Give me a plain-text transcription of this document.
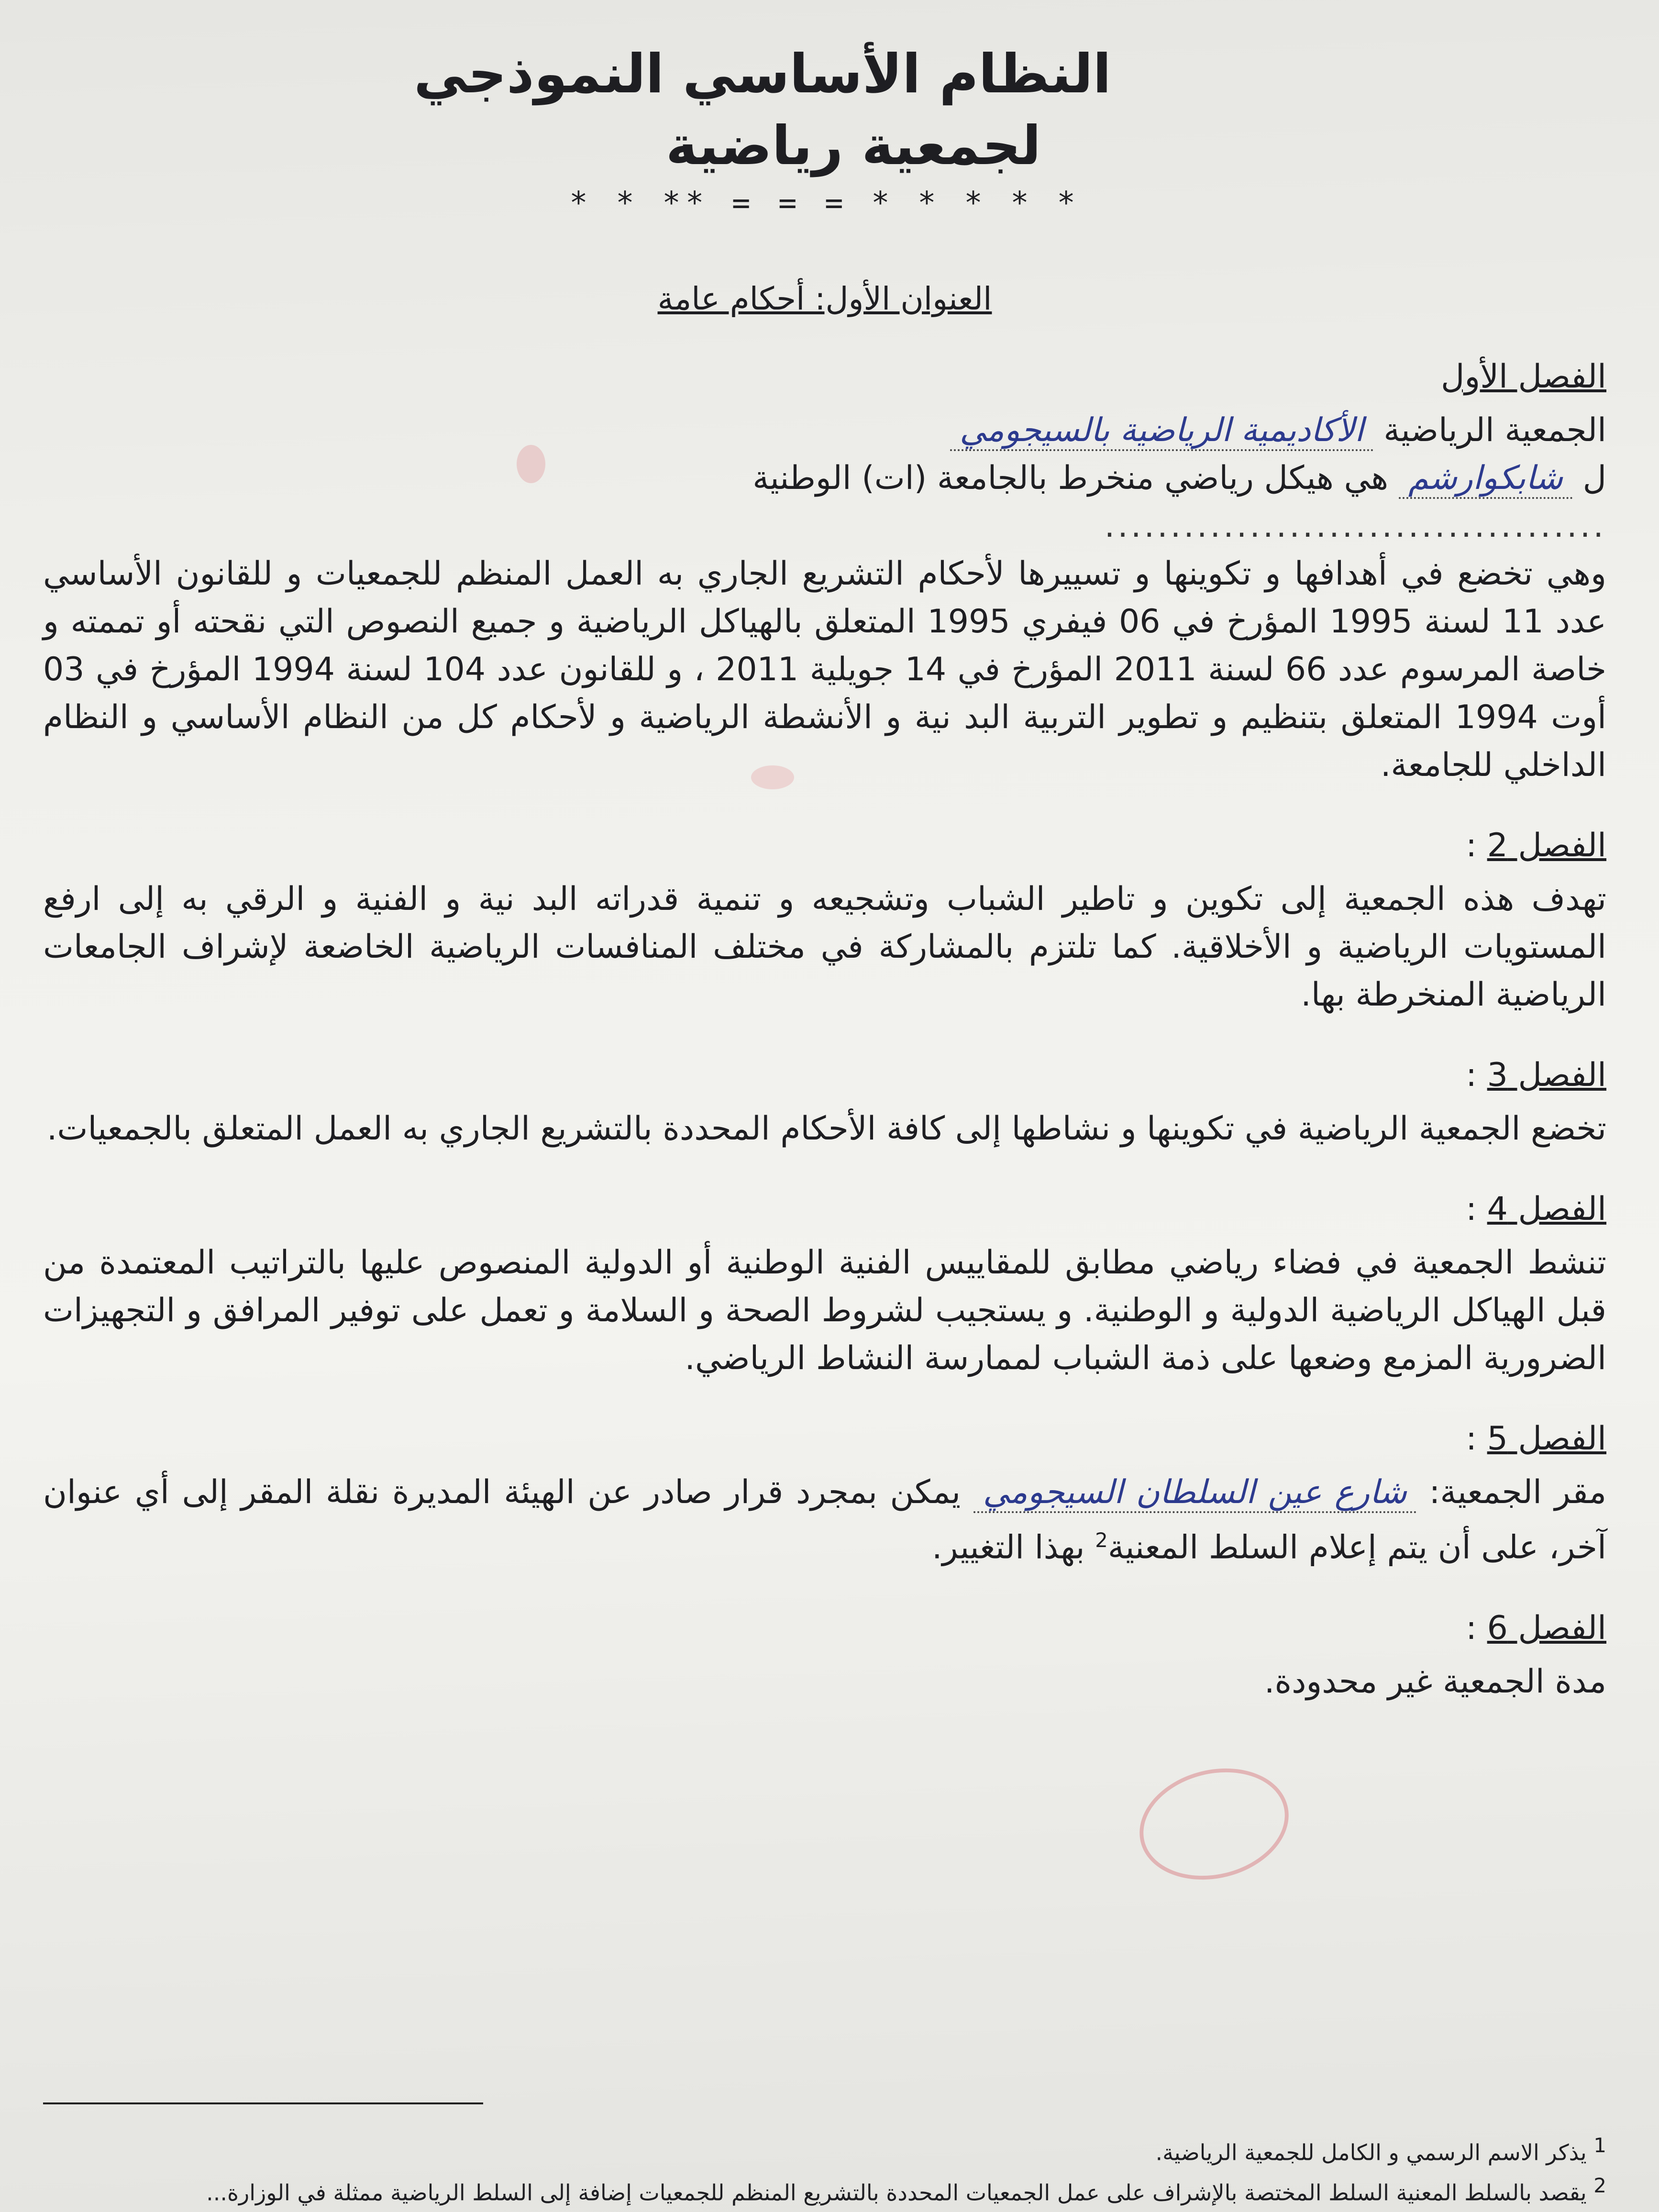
النظام الأساسي النموذجي
لجمعية رياضية
* * * * * = = = ** * *
العنوان الأول: أحكام عامة
الفصل الأول
الجمعية الرياضية الأكاديمية الرياضية بالسيجومي
ل شابكوارشم هي هيكل رياضي منخرط بالجامعة (ات) الوطنية
......................................
وهي تخضع في أهدافها و تكوينها و تسييرها لأحكام التشريع الجاري به العمل المنظم للجمعيات و للقانون الأساسي عدد 11 لسنة 1995 المؤرخ في 06 فيفري 1995 المتعلق بالهياكل الرياضية و جميع النصوص التي نقحته أو تممته و خاصة المرسوم عدد 66 لسنة 2011 المؤرخ في 14 جويلية 2011 ، و للقانون عدد 104 لسنة 1994 المؤرخ في 03 أوت 1994 المتعلق بتنظيم و تطوير التربية البد نية و الأنشطة الرياضية و لأحكام كل من النظام الأساسي و النظام الداخلي للجامعة.
الفصل 2 :
تهدف هذه الجمعية إلى تكوين و تاطير الشباب وتشجيعه و تنمية قدراته البد نية و الفنية و الرقي به إلى ارفع المستويات الرياضية و الأخلاقية. كما تلتزم بالمشاركة في مختلف المنافسات الرياضية الخاضعة لإشراف الجامعات الرياضية المنخرطة بها.
الفصل 3 :
تخضع الجمعية الرياضية في تكوينها و نشاطها إلى كافة الأحكام المحددة بالتشريع الجاري به العمل المتعلق بالجمعيات.
الفصل 4 :
تنشط الجمعية في فضاء رياضي مطابق للمقاييس الفنية الوطنية أو الدولية المنصوص عليها بالتراتيب المعتمدة من قبل الهياكل الرياضية الدولية و الوطنية. و يستجيب لشروط الصحة و السلامة و تعمل على توفير المرافق و التجهيزات الضرورية المزمع وضعها على ذمة الشباب لممارسة النشاط الرياضي.
الفصل 5 :
مقر الجمعية: شارع عين السلطان السيجومي يمكن بمجرد قرار صادر عن الهيئة المديرة نقلة المقر إلى أي عنوان آخر، على أن يتم إعلام السلط المعنية$^2$ بهذا التغيير.
الفصل 6 :
مدة الجمعية غير محدودة.
$^1$ يذكر الاسم الرسمي و الكامل للجمعية الرياضية.
$^2$ يقصد بالسلط المعنية السلط المختصة بالإشراف على عمل الجمعيات المحددة بالتشريع المنظم للجمعيات إضافة إلى السلط الرياضية ممثلة في الوزارة...
